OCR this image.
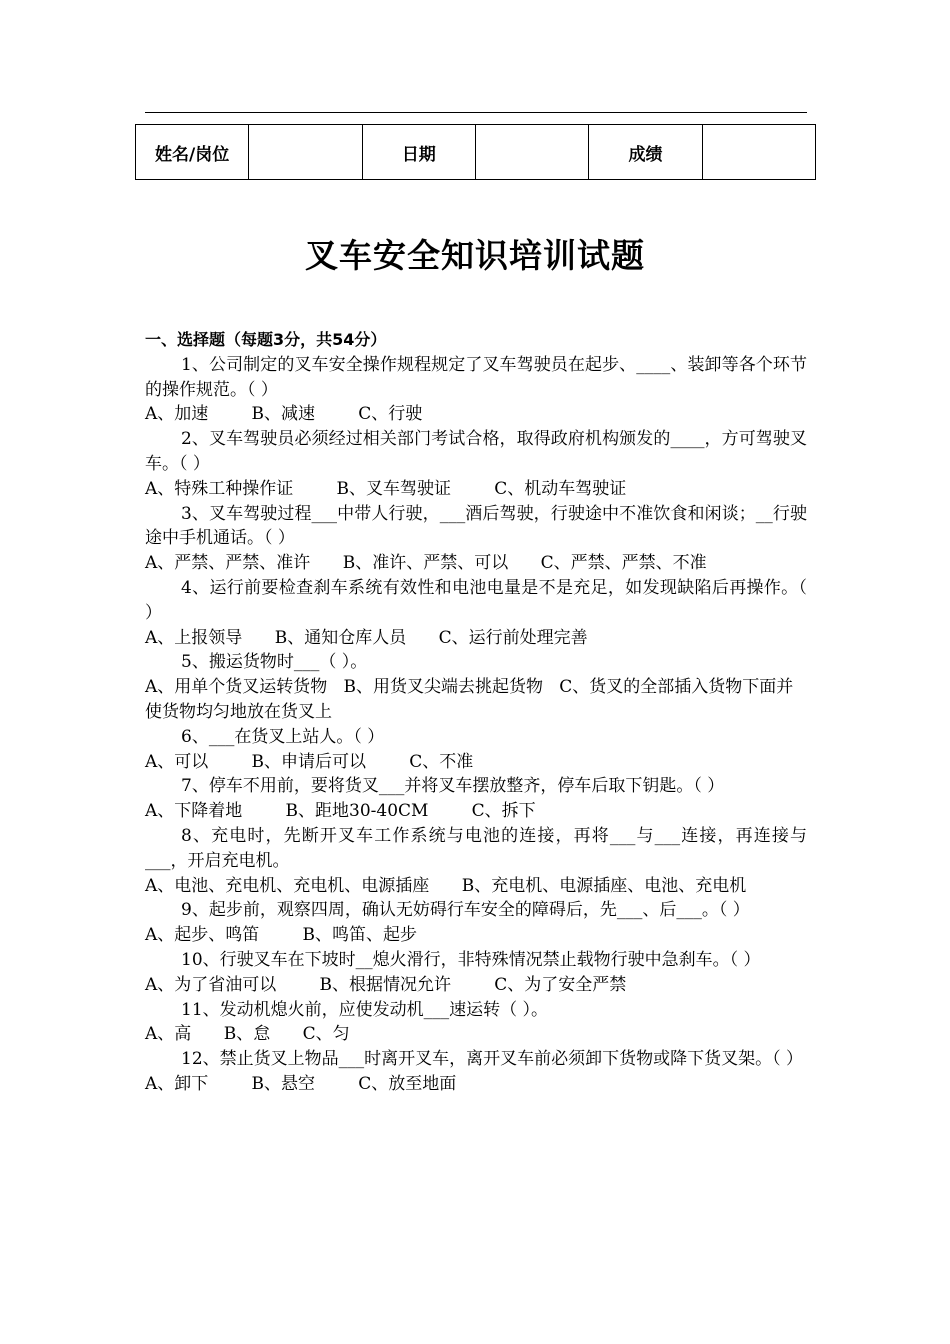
姓名/岗位		日期		成绩	
叉车安全知识培训试题
一、选择题（每题3分，共54分）
1、公司制定的叉车安全操作规程规定了叉车驾驶员在起步、____、装卸等各个环节的操作规范。（ ）
A、加速        B、减速        C、行驶
2、叉车驾驶员必须经过相关部门考试合格，取得政府机构颁发的____，方可驾驶叉车。（ ）
A、特殊工种操作证        B、叉车驾驶证        C、机动车驾驶证
3、叉车驾驶过程___中带人行驶，___酒后驾驶，行驶途中不准饮食和闲谈；__行驶途中手机通话。（ ）
A、严禁、严禁、准许      B、准许、严禁、可以      C、严禁、严禁、不准
4、运行前要检查刹车系统有效性和电池电量是不是充足，如发现缺陷后再操作。（ ）
A、上报领导      B、通知仓库人员      C、运行前处理完善
5、搬运货物时___（ ）。
A、用单个货叉运转货物   B、用货叉尖端去挑起货物   C、货叉的全部插入货物下面并使货物均匀地放在货叉上
6、___在货叉上站人。（ ）
A、可以        B、申请后可以        C、不准
7、停车不用前，要将货叉___并将叉车摆放整齐，停车后取下钥匙。（ ）
A、下降着地        B、距地30-40CM        C、拆下
8、充电时，先断开叉车工作系统与电池的连接，再将___与___连接，再连接与___，开启充电机。
A、电池、充电机、充电机、电源插座      B、充电机、电源插座、电池、充电机
9、起步前，观察四周，确认无妨碍行车安全的障碍后，先___、后___。（ ）
A、起步、鸣笛        B、鸣笛、起步
10、行驶叉车在下坡时__熄火滑行，非特殊情况禁止载物行驶中急刹车。（ ）
A、为了省油可以        B、根据情况允许        C、为了安全严禁
11、发动机熄火前，应使发动机___速运转（ ）。
A、高      B、怠      C、匀
12、禁止货叉上物品___时离开叉车，离开叉车前必须卸下货物或降下货叉架。（ ）
A、卸下        B、悬空        C、放至地面
